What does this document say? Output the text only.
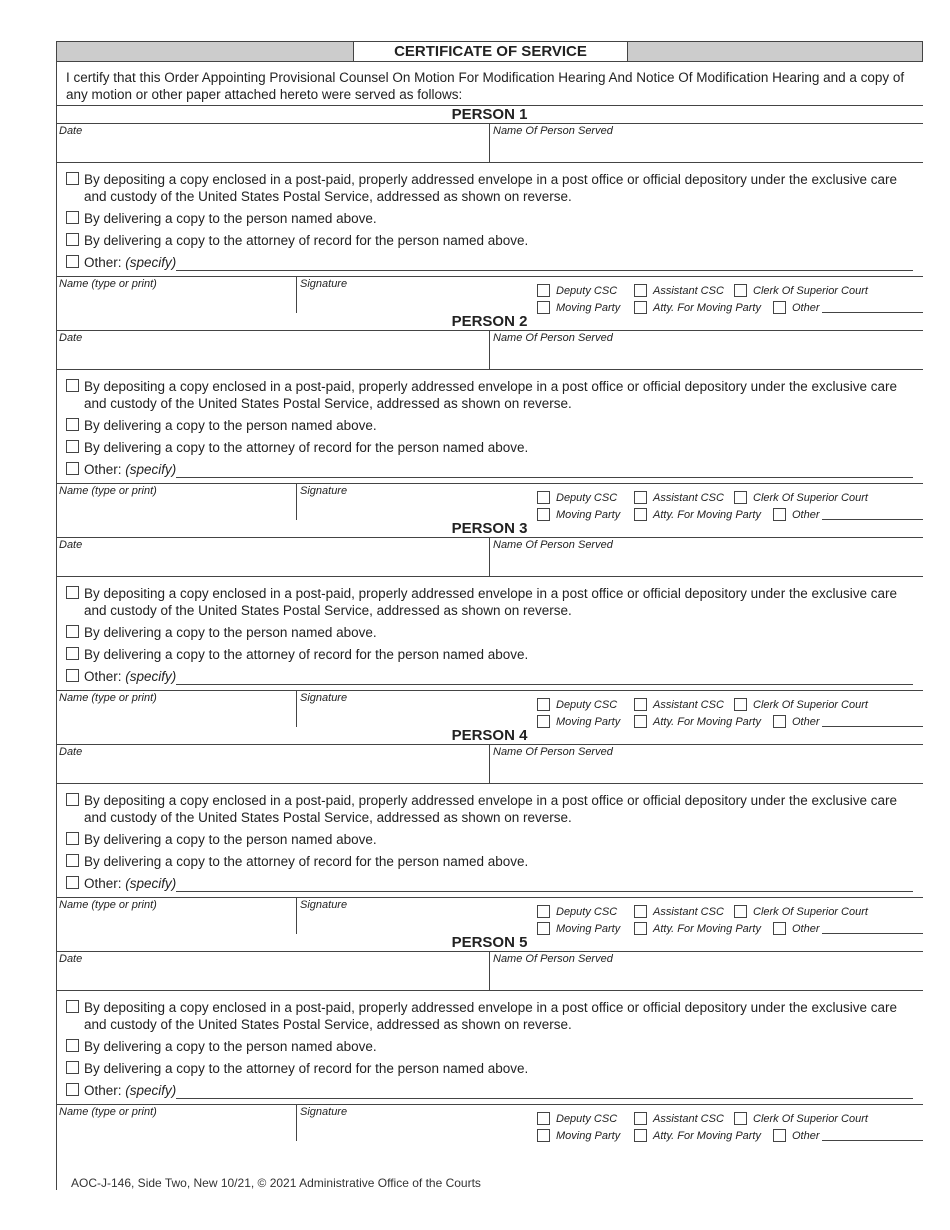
CERTIFICATE OF SERVICE
I certify that this Order Appointing Provisional Counsel On Motion For Modification Hearing And Notice Of Modification Hearing and a copy of any motion or other paper attached hereto were served as follows:
PERSON 1
Date	Name Of Person Served
By depositing a copy enclosed in a post-paid, properly addressed envelope in a post office or official depository under the exclusive care and custody of the United States Postal Service, addressed as shown on reverse.
By delivering a copy to the person named above.
By delivering a copy to the attorney of record for the person named above.
Other: (specify)
Name (type or print)	Signature
Deputy CSC	Assistant CSC	Clerk Of Superior Court
Moving Party	Atty. For Moving Party	Other
PERSON 2
Date	Name Of Person Served
By depositing a copy enclosed in a post-paid, properly addressed envelope in a post office or official depository under the exclusive care and custody of the United States Postal Service, addressed as shown on reverse.
By delivering a copy to the person named above.
By delivering a copy to the attorney of record for the person named above.
Other: (specify)
Name (type or print)	Signature
Deputy CSC	Assistant CSC	Clerk Of Superior Court
Moving Party	Atty. For Moving Party	Other
PERSON 3
Date	Name Of Person Served
By depositing a copy enclosed in a post-paid, properly addressed envelope in a post office or official depository under the exclusive care and custody of the United States Postal Service, addressed as shown on reverse.
By delivering a copy to the person named above.
By delivering a copy to the attorney of record for the person named above.
Other: (specify)
Name (type or print)	Signature
Deputy CSC	Assistant CSC	Clerk Of Superior Court
Moving Party	Atty. For Moving Party	Other
PERSON 4
Date	Name Of Person Served
By depositing a copy enclosed in a post-paid, properly addressed envelope in a post office or official depository under the exclusive care and custody of the United States Postal Service, addressed as shown on reverse.
By delivering a copy to the person named above.
By delivering a copy to the attorney of record for the person named above.
Other: (specify)
Name (type or print)	Signature
Deputy CSC	Assistant CSC	Clerk Of Superior Court
Moving Party	Atty. For Moving Party	Other
PERSON 5
Date	Name Of Person Served
By depositing a copy enclosed in a post-paid, properly addressed envelope in a post office or official depository under the exclusive care and custody of the United States Postal Service, addressed as shown on reverse.
By delivering a copy to the person named above.
By delivering a copy to the attorney of record for the person named above.
Other: (specify)
Name (type or print)	Signature
Deputy CSC	Assistant CSC	Clerk Of Superior Court
Moving Party	Atty. For Moving Party	Other
AOC-J-146, Side Two, New 10/21, © 2021 Administrative Office of the Courts
